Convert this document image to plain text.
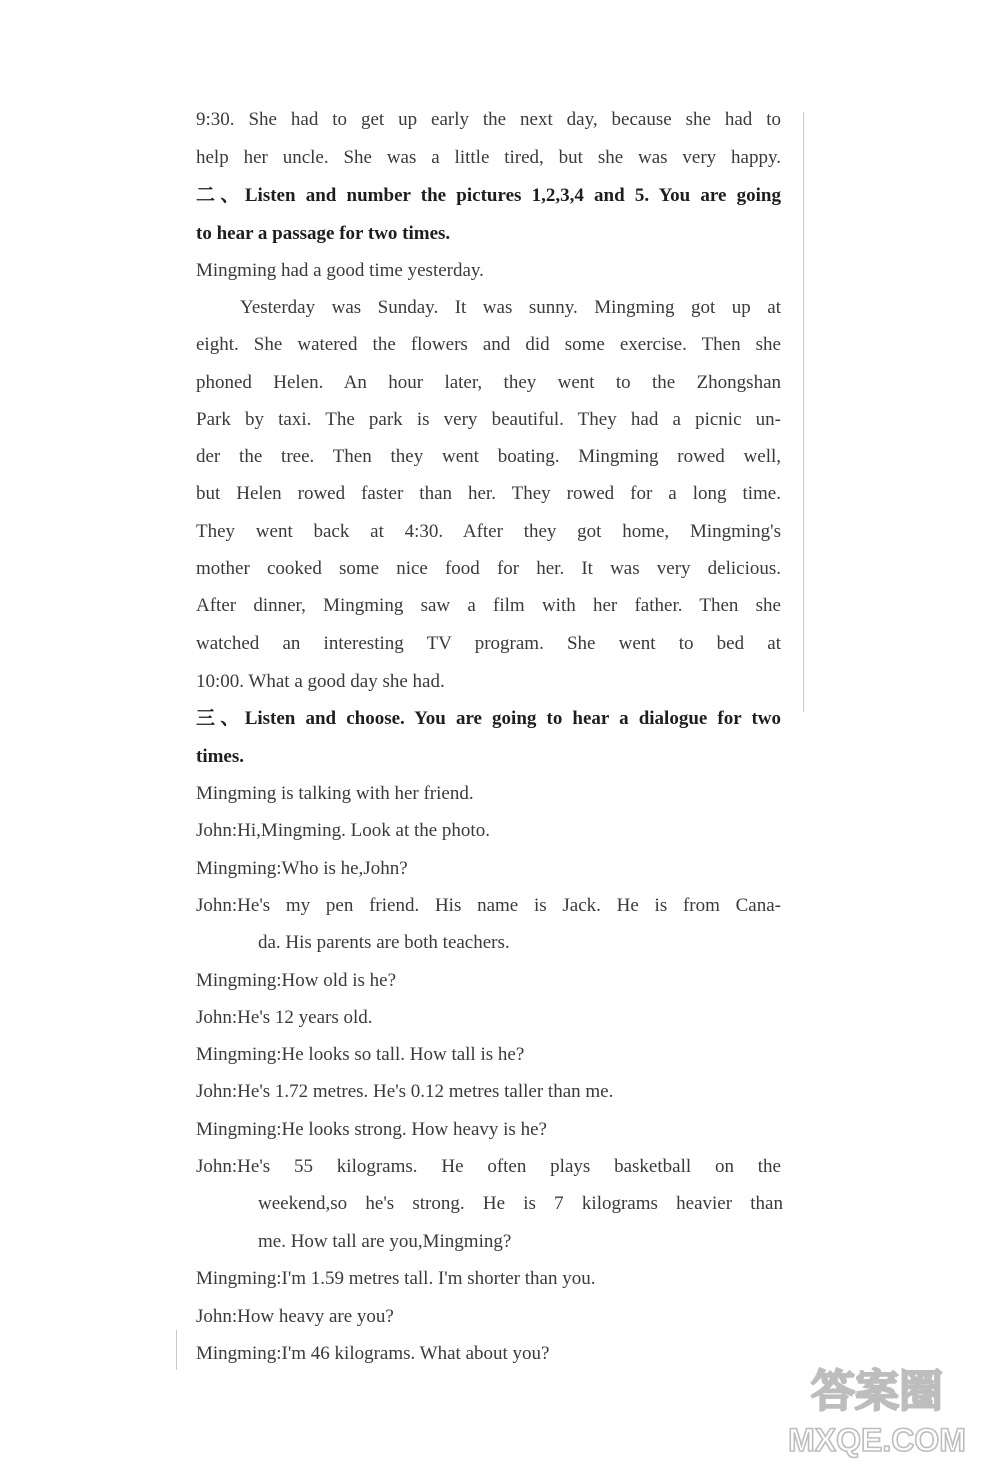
9:30. She had to get up early the next day, because she had to
help her uncle. She was a little tired, but she was very happy.
二、Listen and number the pictures 1,2,3,4 and 5. You are going
to hear a passage for two times.
Mingming had a good time yesterday.
Yesterday was Sunday. It was sunny. Mingming got up at
eight. She watered the flowers and did some exercise. Then she
phoned Helen. An hour later, they went to the Zhongshan
Park by taxi. The park is very beautiful. They had a picnic un-
der the tree. Then they went boating. Mingming rowed well,
but Helen rowed faster than her. They rowed for a long time.
They went back at 4:30. After they got home, Mingming's
mother cooked some nice food for her. It was very delicious.
After dinner, Mingming saw a film with her father. Then she
watched an interesting TV program. She went to bed at
10:00. What a good day she had.
三、Listen and choose. You are going to hear a dialogue for two
times.
Mingming is talking with her friend.
John:Hi,Mingming. Look at the photo.
Mingming:Who is he,John?
John:He's my pen friend. His name is Jack. He is from Cana-
da. His parents are both teachers.
Mingming:How old is he?
John:He's 12 years old.
Mingming:He looks so tall. How tall is he?
John:He's 1.72 metres. He's 0.12 metres taller than me.
Mingming:He looks strong. How heavy is he?
John:He's 55 kilograms. He often plays basketball on the
weekend,so he's strong. He is 7 kilograms heavier than
me. How tall are you,Mingming?
Mingming:I'm 1.59 metres tall. I'm shorter than you.
John:How heavy are you?
Mingming:I'm 46 kilograms. What about you?
答案圈
MXQE.COM
